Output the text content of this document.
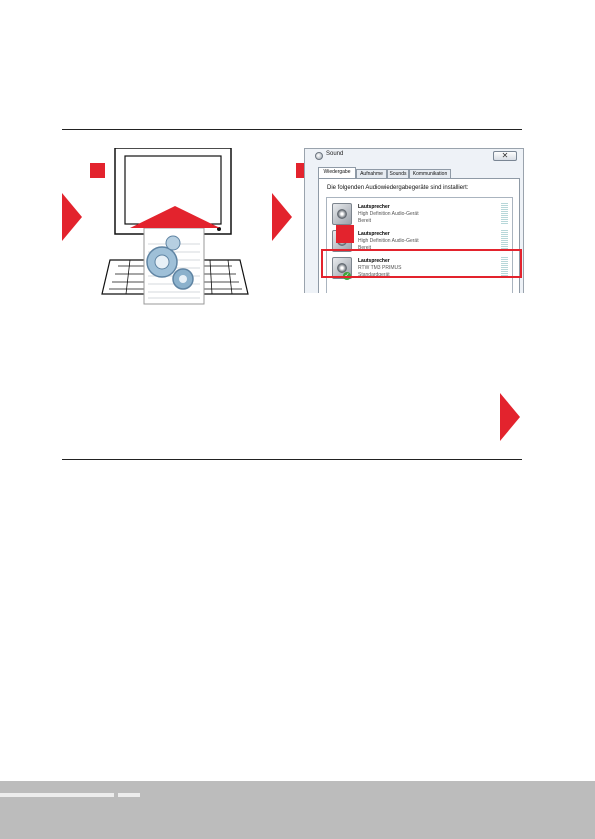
Sound	✕
Wiedergabe	Aufnahme	Sounds	Kommunikation
Die folgenden Audiowiedergabegeräte sind installiert:
Lautsprecher
High Definition Audio-Gerät
Bereit
Lautsprecher
High Definition Audio-Gerät
Bereit
✓
Lautsprecher
RTW TM3 PRIMUS
Standardgerät
